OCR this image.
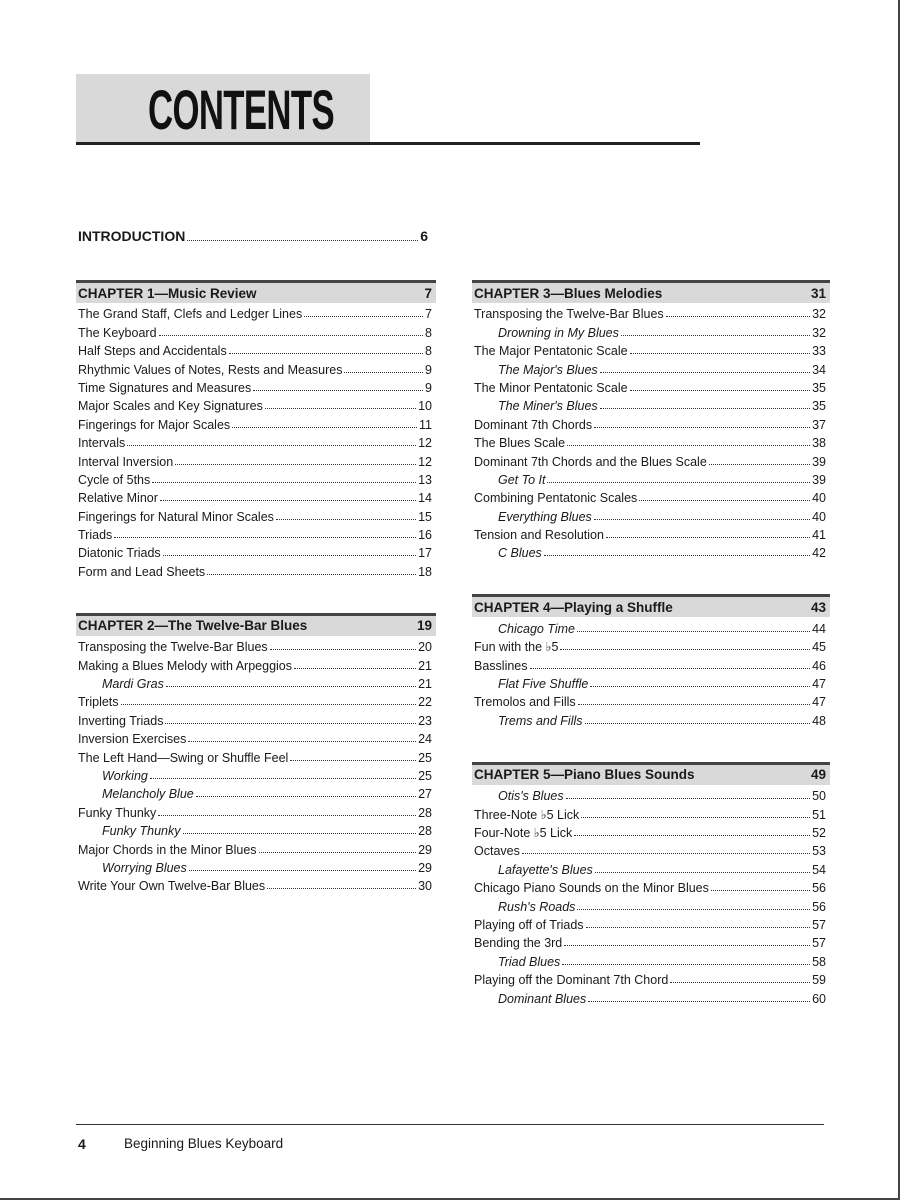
CONTENTS
INTRODUCTION	6
CHAPTER 1—Music Review	7
The Grand Staff, Clefs and Ledger Lines	7
The Keyboard	8
Half Steps and Accidentals	8
Rhythmic Values of Notes, Rests and Measures	9
Time Signatures and Measures	9
Major Scales and Key Signatures	10
Fingerings for Major Scales	11
Intervals	12
Interval Inversion	12
Cycle of 5ths	13
Relative Minor	14
Fingerings for Natural Minor Scales	15
Triads	16
Diatonic Triads	17
Form and Lead Sheets	18
CHAPTER 2—The Twelve-Bar Blues	19
Transposing the Twelve-Bar Blues	20
Making a Blues Melody with Arpeggios	21
Mardi Gras	21
Triplets	22
Inverting Triads	23
Inversion Exercises	24
The Left Hand—Swing or Shuffle Feel	25
Working	25
Melancholy Blue	27
Funky Thunky	28
Funky Thunky	28
Major Chords in the Minor Blues	29
Worrying Blues	29
Write Your Own Twelve-Bar Blues	30
CHAPTER 3—Blues Melodies	31
Transposing the Twelve-Bar Blues	32
Drowning in My Blues	32
The Major Pentatonic Scale	33
The Major's Blues	34
The Minor Pentatonic Scale	35
The Miner's Blues	35
Dominant 7th Chords	37
The Blues Scale	38
Dominant 7th Chords and the Blues Scale	39
Get To It	39
Combining Pentatonic Scales	40
Everything Blues	40
Tension and Resolution	41
C Blues	42
CHAPTER 4—Playing a Shuffle	43
Chicago Time	44
Fun with the ♭5	45
Basslines	46
Flat Five Shuffle	47
Tremolos and Fills	47
Trems and Fills	48
CHAPTER 5—Piano Blues Sounds	49
Otis's Blues	50
Three-Note ♭5 Lick	51
Four-Note ♭5 Lick	52
Octaves	53
Lafayette's Blues	54
Chicago Piano Sounds on the Minor Blues	56
Rush's Roads	56
Playing off of Triads	57
Bending the 3rd	57
Triad Blues	58
Playing off the Dominant 7th Chord	59
Dominant Blues	60
4	Beginning Blues Keyboard
